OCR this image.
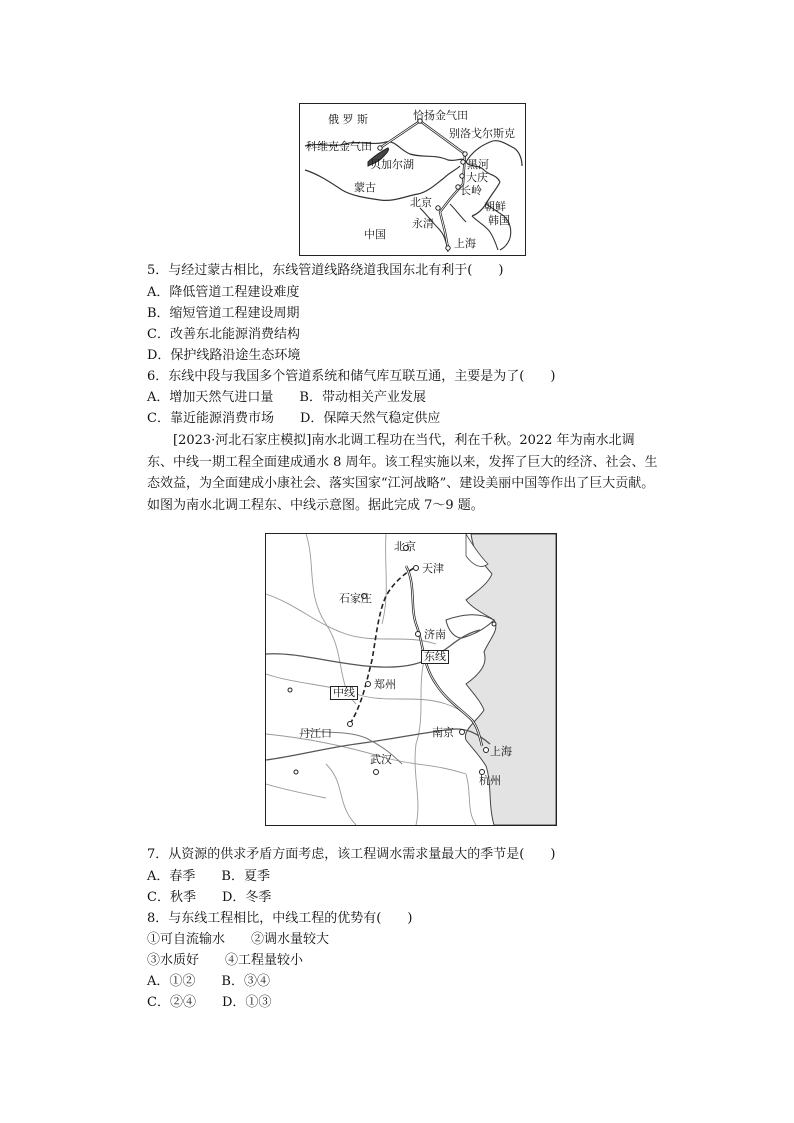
俄 罗 斯	恰扬金气田
别洛戈尔斯克
科维克金气田
贝加尔湖	黑河
大庆
长岭
蒙古
北京	朝鲜
永清	韩国
中国
上海
5．与经过蒙古相比，东线管道线路绕道我国东北有利于(　　)
A．降低管道工程建设难度
B．缩短管道工程建设周期
C．改善东北能源消费结构
D．保护线路沿途生态环境
6．东线中段与我国多个管道系统和储气库互联互通，主要是为了(　　)
A．增加天然气进口量　　B．带动相关产业发展
C．靠近能源消费市场　　D．保障天然气稳定供应
[2023·河北石家庄模拟]南水北调工程功在当代，利在千秋。2022 年为南水北调东、中线一期工程全面建成通水 8 周年。该工程实施以来，发挥了巨大的经济、社会、生态效益，为全面建成小康社会、落实国家“江河战略”、建设美丽中国等作出了巨大贡献。如图为南水北调工程东、中线示意图。据此完成 7～9 题。
北京
天津
石家庄
济南
东线
中线
郑州
丹江口	南京
上海
武汉
杭州
7．从资源的供求矛盾方面考虑，该工程调水需求量最大的季节是(　　)
A．春季　　B．夏季
C．秋季　　D．冬季
8．与东线工程相比，中线工程的优势有(　　)
①可自流输水　　②调水量较大
③水质好　　④工程量较小
A．①②　　B．③④
C．②④　　D．①③
